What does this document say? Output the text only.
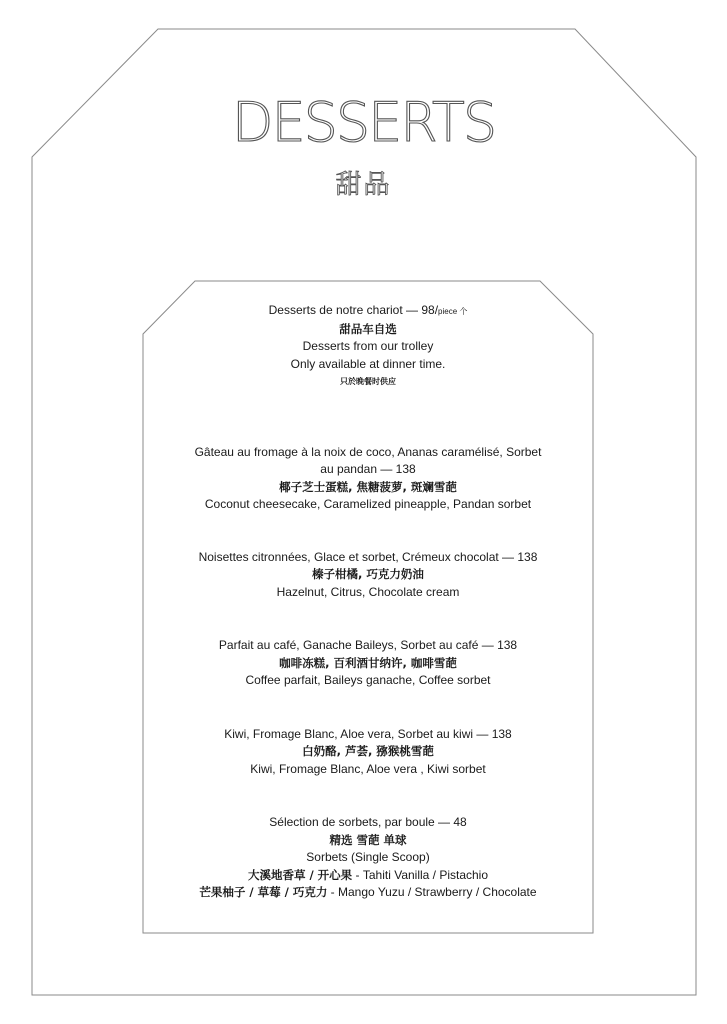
DESSERTS
甜品
Desserts de notre chariot — 98/piece 个
甜品车自选
Desserts from our trolley
Only available at dinner time.
只於晚餐时供应
Gâteau au fromage à la noix de coco, Ananas caramélisé, Sorbet
au pandan — 138
椰子芝士蛋糕, 焦糖菠萝, 斑斓雪葩
Coconut cheesecake, Caramelized pineapple, Pandan sorbet
Noisettes citronnées, Glace et sorbet, Crémeux chocolat — 138
榛子柑橘, 巧克力奶油
Hazelnut, Citrus, Chocolate cream
Parfait au café, Ganache Baileys, Sorbet au café — 138
咖啡冻糕, 百利酒甘纳许, 咖啡雪葩
Coffee parfait, Baileys ganache, Coffee sorbet
Kiwi, Fromage Blanc, Aloe vera, Sorbet au kiwi — 138
白奶酪, 芦荟, 猕猴桃雪葩
Kiwi, Fromage Blanc, Aloe vera , Kiwi sorbet
Sélection de sorbets, par boule — 48
精选 雪葩 单球
Sorbets (Single Scoop)
大溪地香草 / 开心果 - Tahiti Vanilla / Pistachio
芒果柚子 / 草莓 / 巧克力 - Mango Yuzu / Strawberry / Chocolate
